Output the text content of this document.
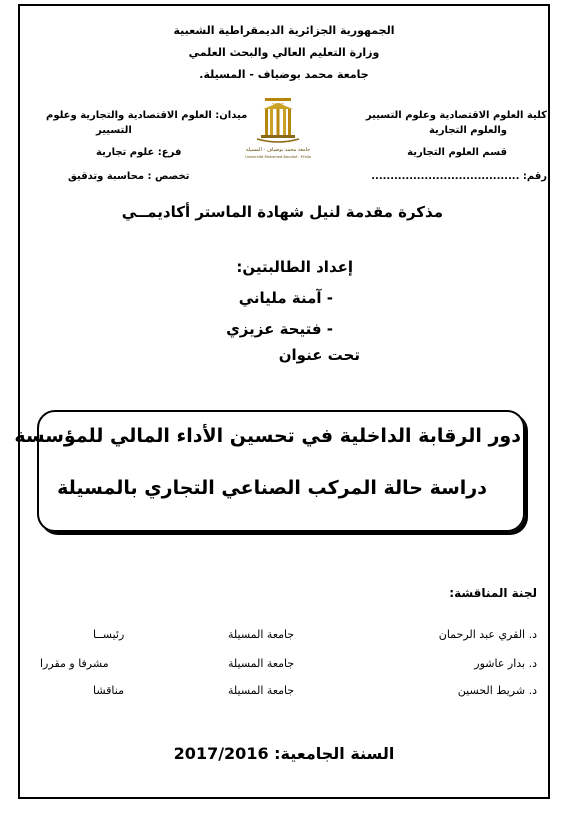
الجمهورية الجزائرية الديمقراطية الشعبية
وزارة التعليم العالي والبحث العلمي
جامعة محمد بوضياف - المسيلة.
كلية العلوم الاقتصادية وعلوم التسيير
والعلوم التجارية
قسم العلوم التجارية
رقم: .......................................
ميدان: العلوم الاقتصادية والتجارية وعلوم
التسيير
فرع: علوم تجارية
تخصص : محاسبة وتدقيق
جامعة محمد بوضياف - المسيلة
Université Mohamed Boudiaf - M'sila
مذكرة مقدمة لنيل شهادة الماستر أكاديمــي
إعداد الطالبتين:
- آمنة ملياني
- فتيحة عزيزي
تحت عنوان
دور الرقابة الداخلية في تحسين الأداء المالي للمؤسسة
دراسة حالة المركب الصناعي التجاري بالمسيلة
لجنة المناقشة:
د. القري عبد الرحمان
جامعة المسيلة
رئيســا
د. بدار عاشور
جامعة المسيلة
مشرفا و مقررا
د. شريط الحسين
جامعة المسيلة
مناقشا
السنة الجامعية: 2017/2016
